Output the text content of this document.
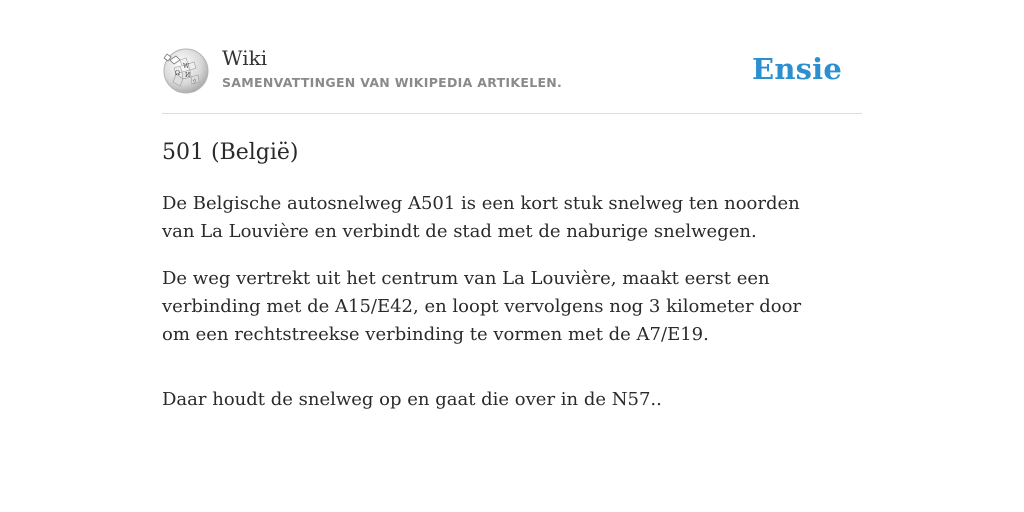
W
Ω И
ウ
Wiki
SAMENVATTINGEN VAN WIKIPEDIA ARTIKELEN.	Ensie
501 (België)

De Belgische autosnelweg A501 is een kort stuk snelweg ten noorden van La Louvière en verbindt de stad met de naburige snelwegen.

De weg vertrekt uit het centrum van La Louvière, maakt eerst een verbinding met de A15/E42, en loopt vervolgens nog 3 kilometer door om een rechtstreekse verbinding te vormen met de A7/E19.

Daar houdt de snelweg op en gaat die over in de N57..
